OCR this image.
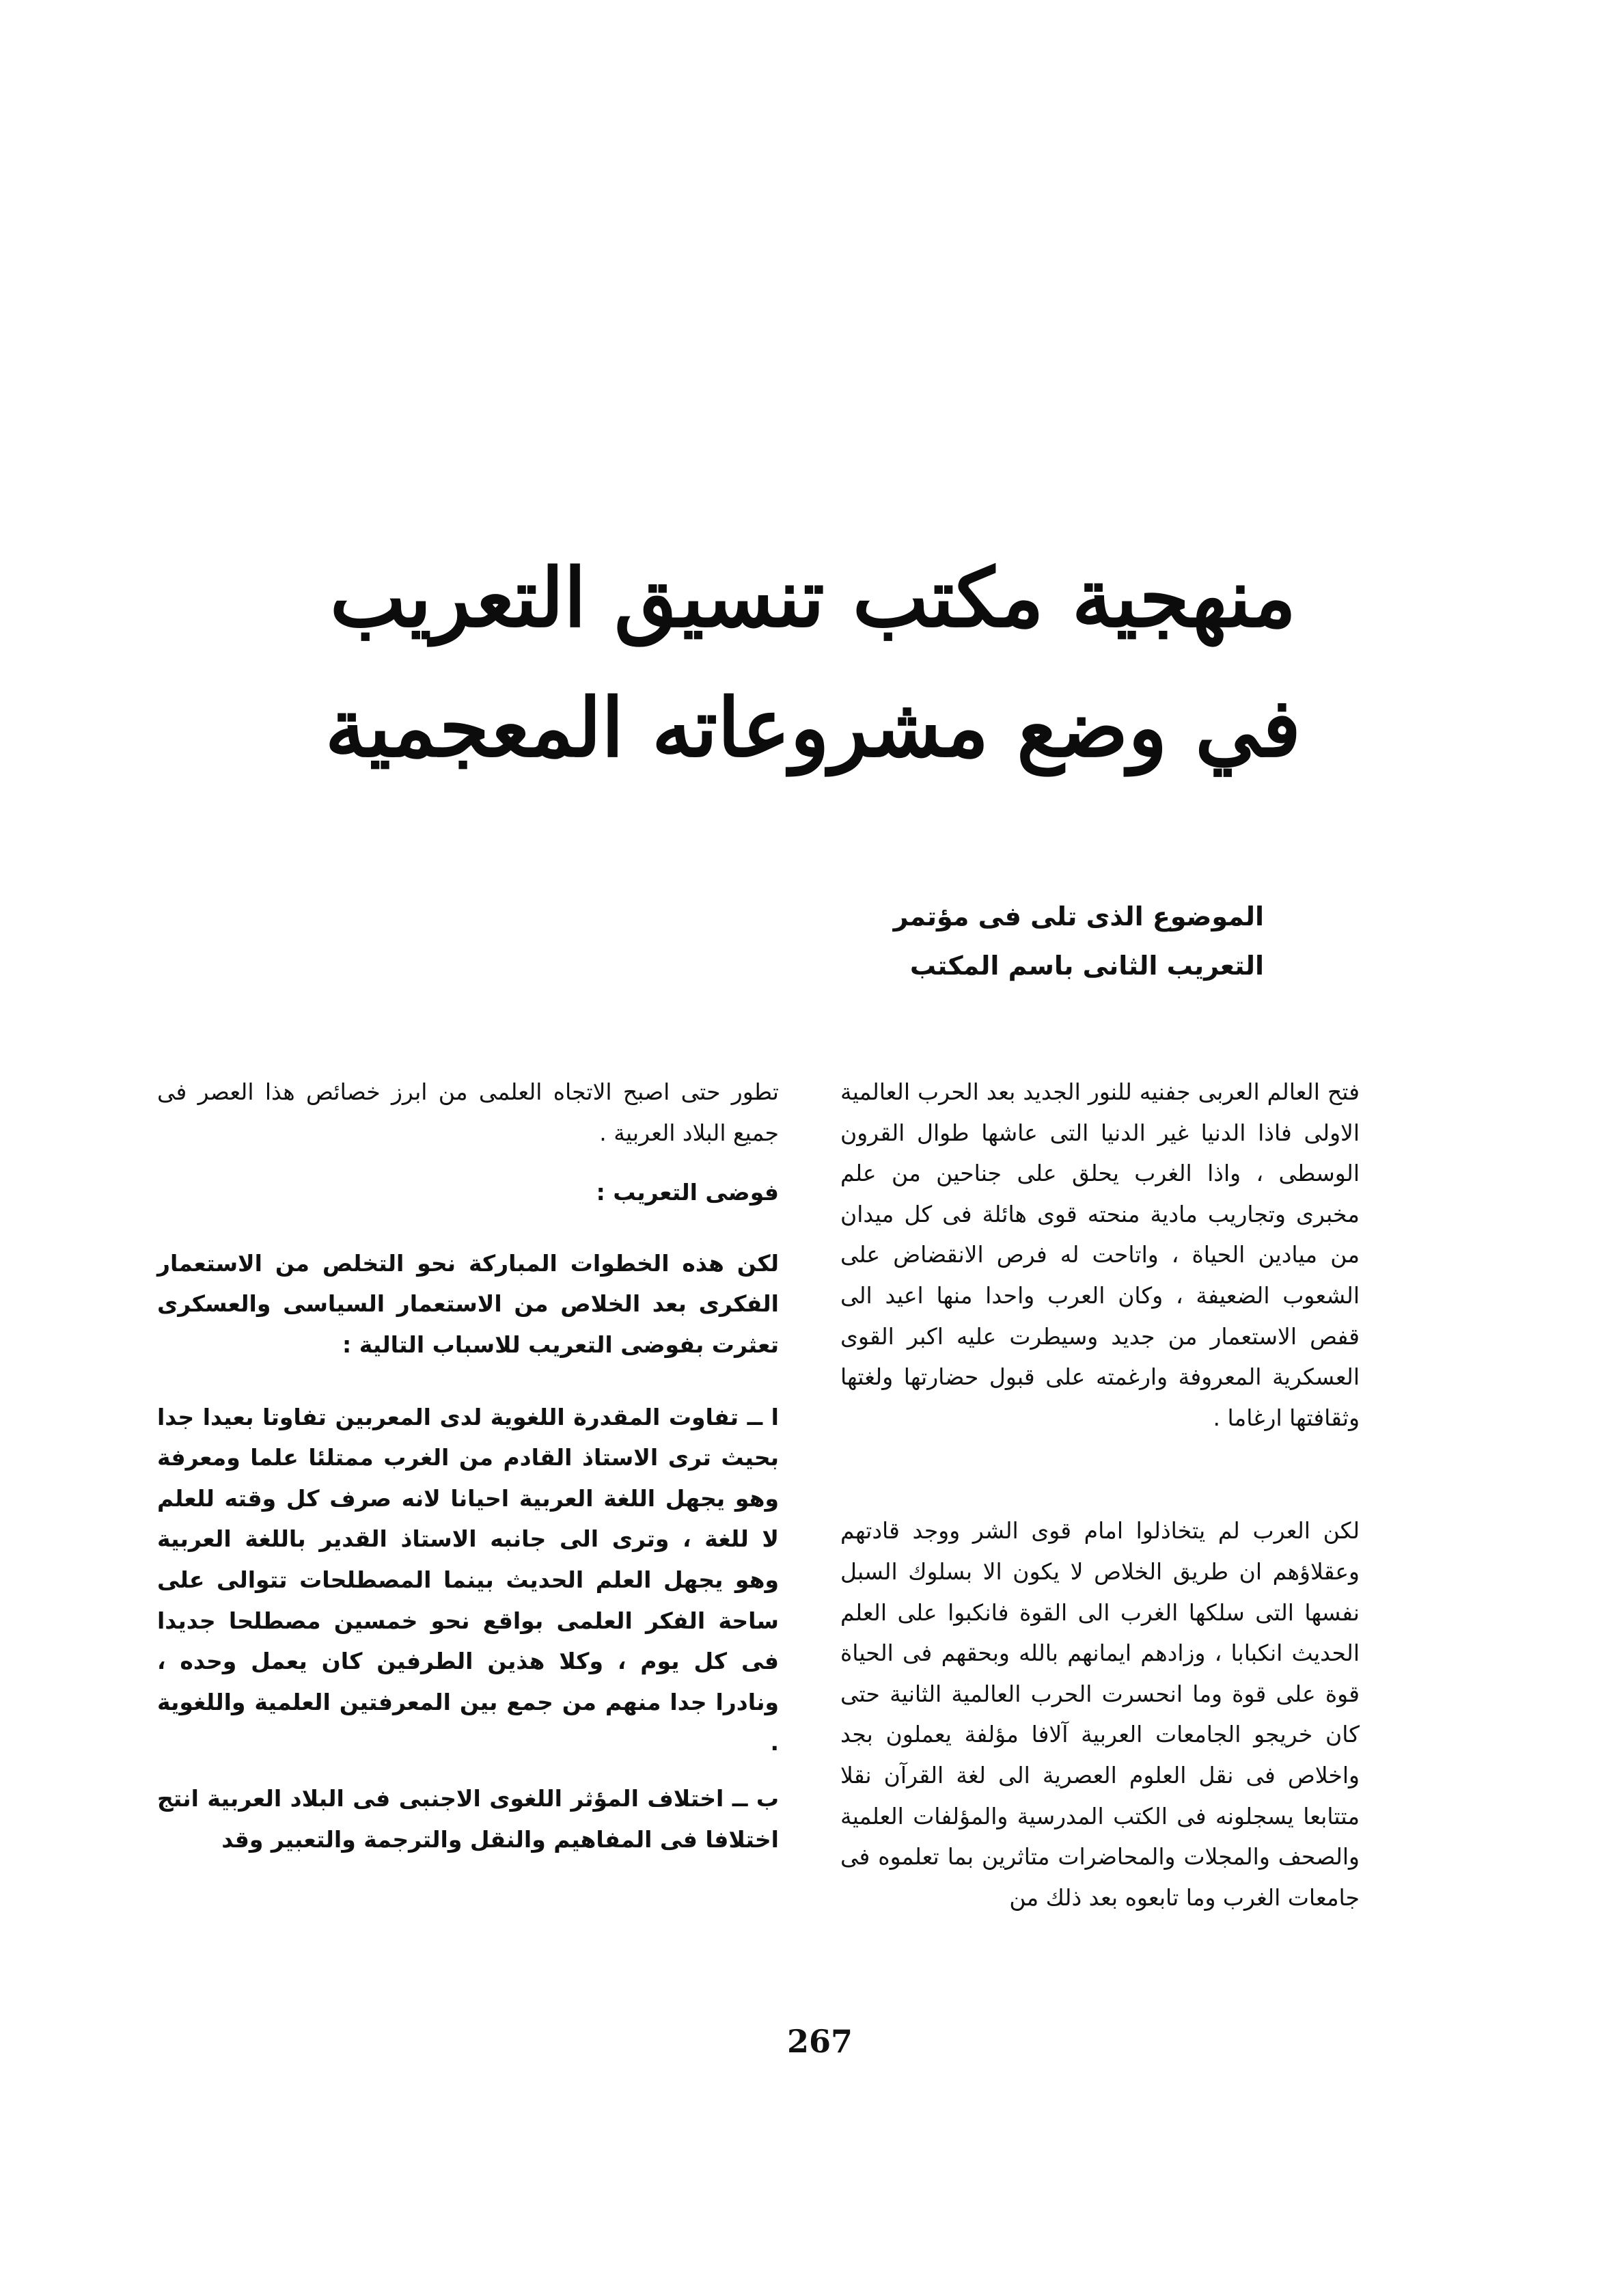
منهجية مكتب تنسيق التعريب
في وضع مشروعاته المعجمية
الموضوع الذى تلى فى مؤتمر
التعريب الثانى باسم المكتب

فتح العالم العربى جفنيه للنور الجديد بعد الحرب العالمية الاولى فاذا الدنيا غير الدنيا التى عاشها طوال القرون الوسطى ، واذا الغرب يحلق على جناحين من علم مخبرى وتجاريب مادية منحته قوى هائلة فى كل ميدان من ميادين الحياة ، واتاحت له فرص الانقضاض على الشعوب الضعيفة ، وكان العرب واحدا منها اعيد الى قفص الاستعمار من جديد وسيطرت عليه اكبر القوى العسكرية المعروفة وارغمته على قبول حضارتها ولغتها وثقافتها ارغاما .

لكن العرب لم يتخاذلوا امام قوى الشر ووجد قادتهم وعقلاؤهم ان طريق الخلاص لا يكون الا بسلوك السبل نفسها التى سلكها الغرب الى القوة فانكبوا على العلم الحديث انكبابا ، وزادهم ايمانهم بالله وبحقهم فى الحياة قوة على قوة وما انحسرت الحرب العالمية الثانية حتى كان خريجو الجامعات العربية آلافا مؤلفة يعملون بجد واخلاص فى نقل العلوم العصرية الى لغة القرآن نقلا متتابعا يسجلونه فى الكتب المدرسية والمؤلفات العلمية والصحف والمجلات والمحاضرات متاثرين بما تعلموه فى جامعات الغرب وما تابعوه بعد ذلك من

تطور حتى اصبح الاتجاه العلمى من ابرز خصائص هذا العصر فى جميع البلاد العربية .

فوضى التعريب :

لكن هذه الخطوات المباركة نحو التخلص من الاستعمار الفكرى بعد الخلاص من الاستعمار السياسى والعسكرى تعثرت بفوضى التعريب للاسباب التالية :

ا ــ تفاوت المقدرة اللغوية لدى المعربين تفاوتا بعيدا جدا بحيث ترى الاستاذ القادم من الغرب ممتلئا علما ومعرفة وهو يجهل اللغة العربية احيانا لانه صرف كل وقته للعلم لا للغة ، وترى الى جانبه الاستاذ القدير باللغة العربية وهو يجهل العلم الحديث بينما المصطلحات تتوالى على ساحة الفكر العلمى بواقع نحو خمسين مصطلحا جديدا فى كل يوم ، وكلا هذين الطرفين كان يعمل وحده ، ونادرا جدا منهم من جمع بين المعرفتين العلمية واللغوية .

ب ــ اختلاف المؤثر اللغوى الاجنبى فى البلاد العربية انتج اختلافا فى المفاهيم والنقل والترجمة والتعبير وقد

267
